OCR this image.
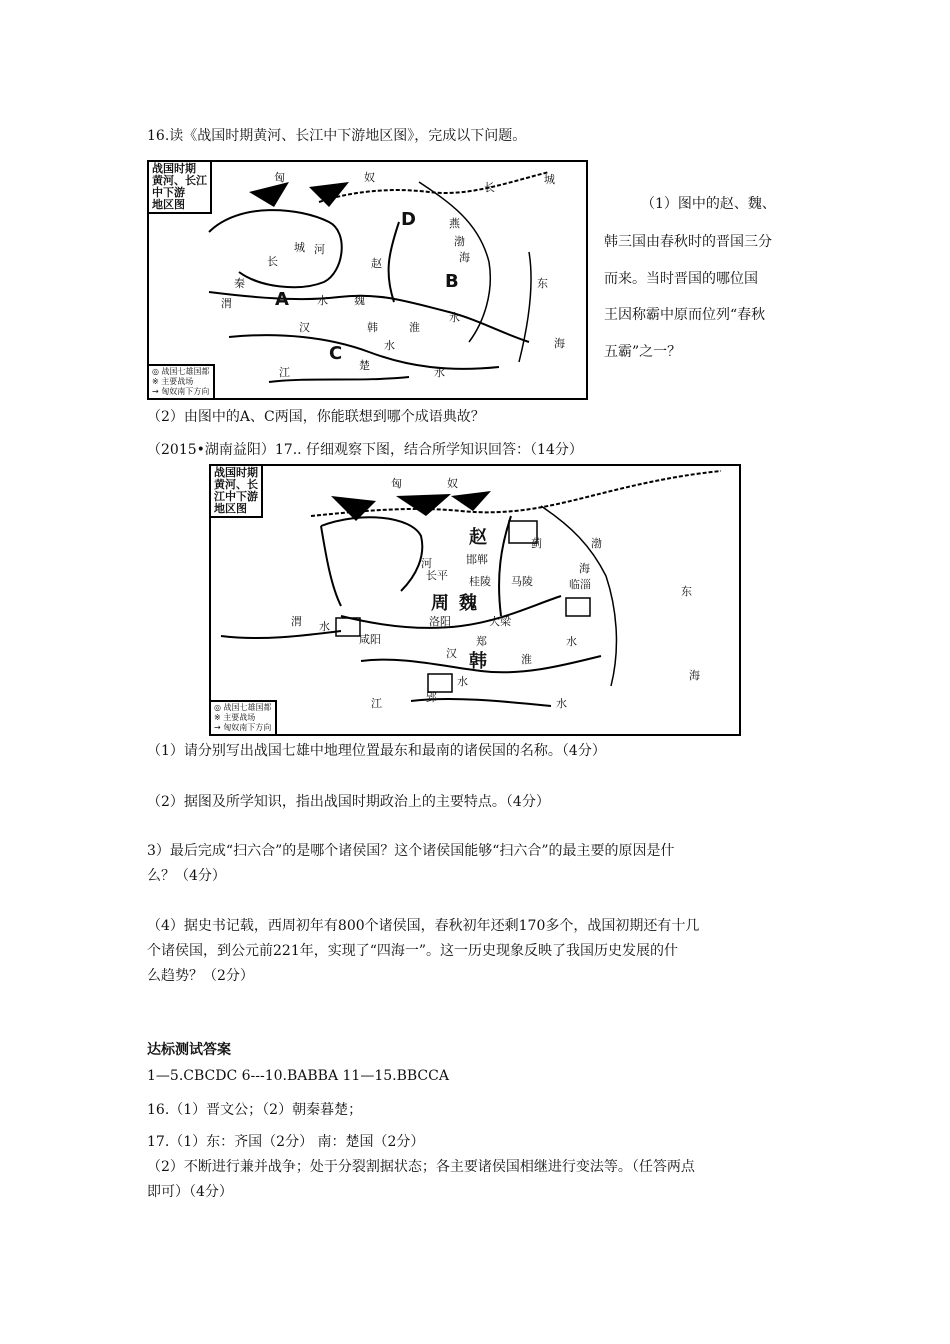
16.读《战国时期黄河、长江中下游地区图》，完成以下问题。
战国时期
黄河、长江
中下游
地区图
匈	奴
长
城
D	燕
渤
海
赵
东
秦
长
城 河
A
B
渭	水 魏
水
汉	韩	淮
水
C
楚
江	水
海
◎ 战国七雄国都
※ 主要战场
→ 匈奴南下方向
（1）图中的赵、魏、
韩三国由春秋时的晋国三分
而来。当时晋国的哪位国
王因称霸中原而位列“春秋
五霸”之一？
（2）由图中的A、C两国，你能联想到哪个成语典故？
（2015•湖南益阳）17.. 仔细观察下图，结合所学知识回答：（14分）
战国时期
黄河、长
江中下游
地区图
匈	奴
蓟	渤
海
赵
邯郸
长平 桂陵 马陵	临淄
东
河
周 魏
洛阳	大梁
渭 水
咸阳	郑	水
汉 韩	淮
海
水
郢
江	水
◎ 战国七雄国都
※ 主要战场
→ 匈奴南下方向
（1）请分别写出战国七雄中地理位置最东和最南的诸侯国的名称。（4分）
（2）据图及所学知识，指出战国时期政治上的主要特点。（4分）
3）最后完成“扫六合”的是哪个诸侯国？这个诸侯国能够“扫六合”的最主要的原因是什
么？（4分）
（4）据史书记载，西周初年有800个诸侯国，春秋初年还剩170多个，战国初期还有十几
个诸侯国，到公元前221年，实现了“四海一”。这一历史现象反映了我国历史发展的什
么趋势？（2分）
达标测试答案
1—5.CBCDC 6---10.BABBA 11—15.BBCCA
16.（1）晋文公；（2）朝秦暮楚；
17.（1）东：齐国（2分） 南：楚国（2分）
（2）不断进行兼并战争；处于分裂割据状态；各主要诸侯国相继进行变法等。（任答两点
即可）（4分）
